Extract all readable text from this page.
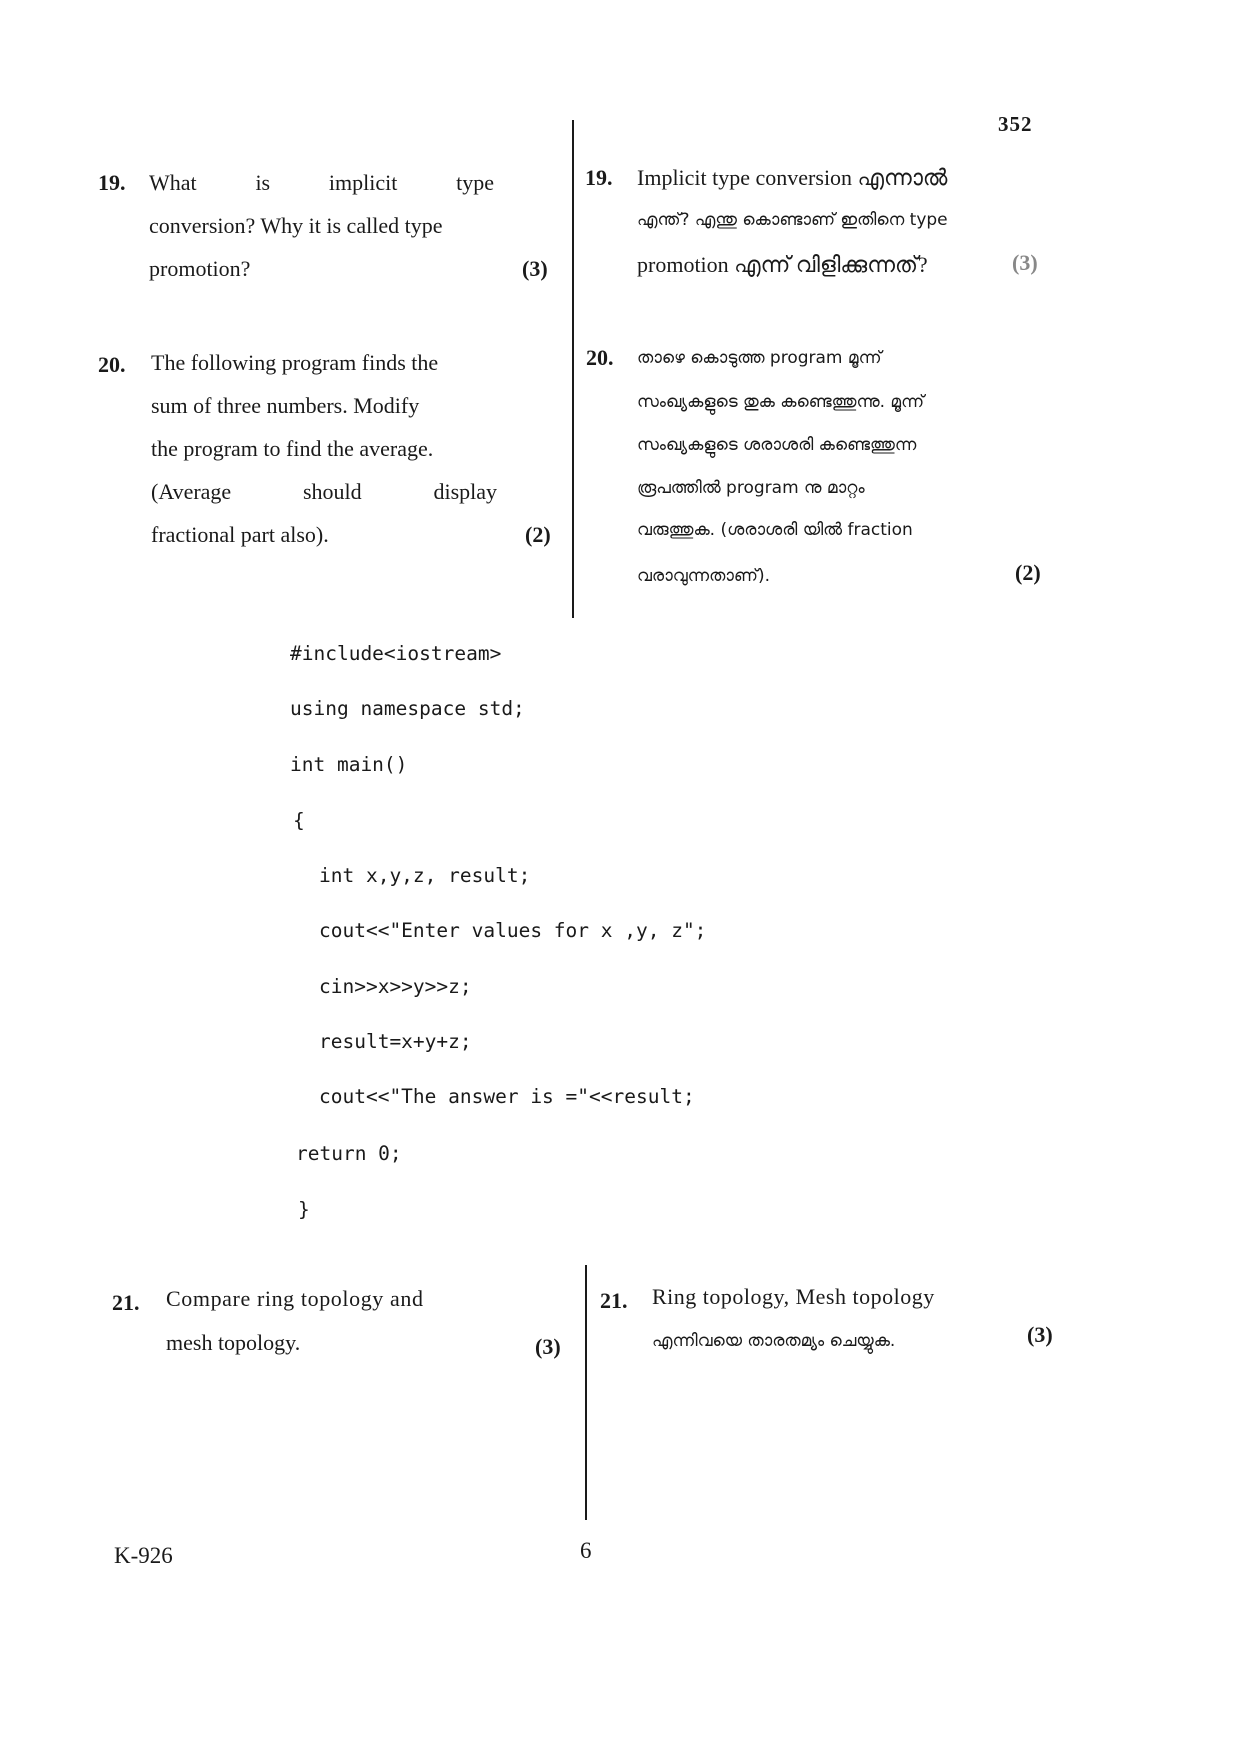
352
19. What	is	implicit	type
conversion? Why it is called type
promotion?	(3)
19. Implicit type conversion എന്നാൽ
എന്ത്? എന്തു കൊണ്ടാണ് ഇതിനെ type
promotion എന്ന് വിളിക്കുന്നത്?	(3)
20. The following program finds the
sum of three numbers. Modify
the program to find the average.
(Average	should	display
fractional part also).	(2)
20. താഴെ കൊടുത്ത program മൂന്ന്
സംഖ്യകളുടെ തുക കണ്ടെത്തുന്നു. മൂന്ന്
സംഖ്യകളുടെ ശരാശരി കണ്ടെത്തുന്ന
രൂപത്തിൽ program നു മാറ്റം
വരുത്തുക. (ശരാശരി യിൽ fraction
വരാവുന്നതാണ്).	(2)
#include<iostream>
using namespace std;
int main()
{
int x,y,z, result;
cout<<"Enter values for x ,y, z";
cin>>x>>y>>z;
result=x+y+z;
cout<<"The answer is ="<<result;
return 0;
}
21. Compare ring topology and
mesh topology.	(3)
21. Ring topology, Mesh topology
എന്നിവയെ താരതമ്യം ചെയ്യുക.	(3)
K-926	6
